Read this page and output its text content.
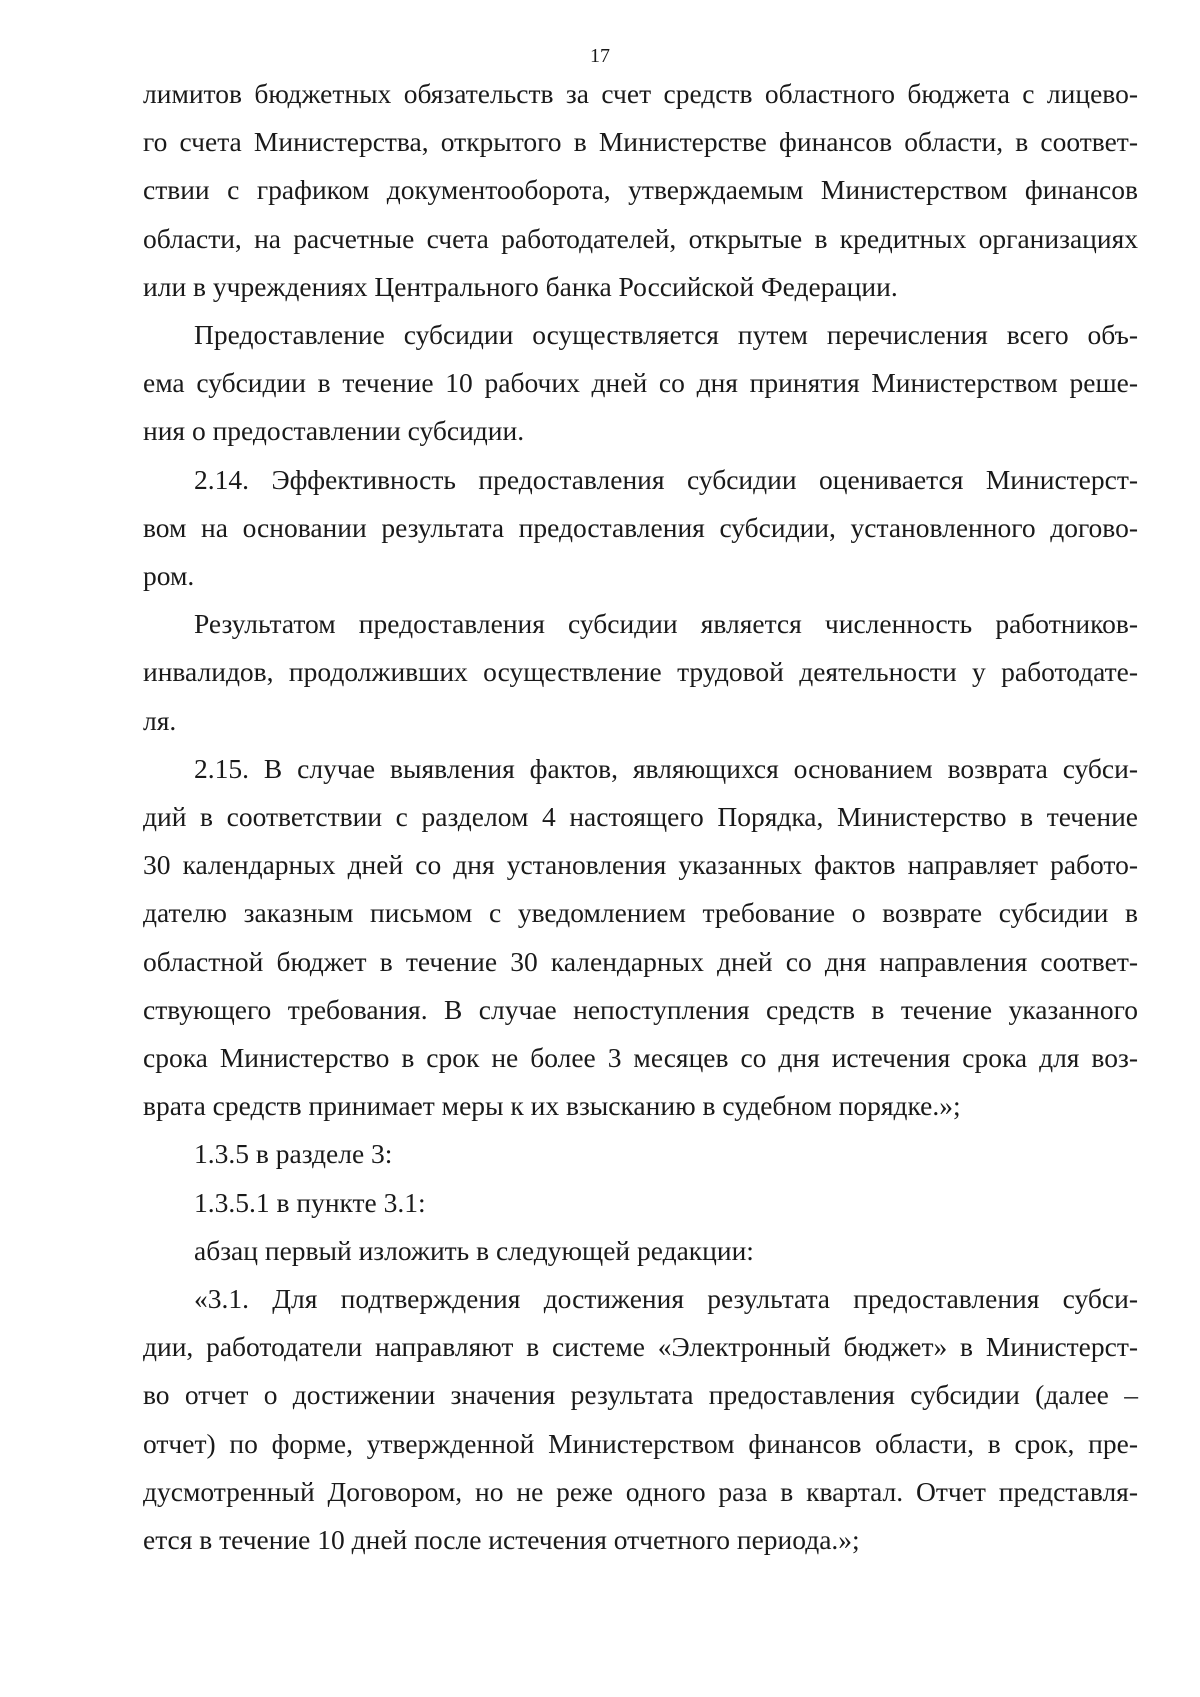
17

лимитов бюджетных обязательств за счет средств областного бюджета с лицево-
го счета Министерства, открытого в Министерстве финансов области, в соответ-
ствии с графиком документооборота, утверждаемым Министерством финансов
области, на расчетные счета работодателей, открытые в кредитных организациях
или в учреждениях Центрального банка Российской Федерации.

Предоставление субсидии осуществляется путем перечисления всего объ-
ема субсидии в течение 10 рабочих дней со дня принятия Министерством реше-
ния о предоставлении субсидии.

2.14. Эффективность предоставления субсидии оценивается Министерст-
вом на основании результата предоставления субсидии, установленного догово-
ром.

Результатом предоставления субсидии является численность работников-
инвалидов, продолживших осуществление трудовой деятельности у работодате-
ля.

2.15. В случае выявления фактов, являющихся основанием возврата субси-
дий в соответствии с разделом 4 настоящего Порядка, Министерство в течение
30 календарных дней со дня установления указанных фактов направляет работо-
дателю заказным письмом с уведомлением требование о возврате субсидии в
областной бюджет в течение 30 календарных дней со дня направления соответ-
ствующего требования. В случае непоступления средств в течение указанного
срока Министерство в срок не более 3 месяцев со дня истечения срока для воз-
врата средств принимает меры к их взысканию в судебном порядке.»;

1.3.5 в разделе 3:

1.3.5.1 в пункте 3.1:

абзац первый изложить в следующей редакции:

«3.1. Для подтверждения достижения результата предоставления субси-
дии, работодатели направляют в системе «Электронный бюджет» в Министерст-
во отчет о достижении значения результата предоставления субсидии (далее –
отчет) по форме, утвержденной Министерством финансов области, в срок, пре-
дусмотренный Договором, но не реже одного раза в квартал. Отчет представля-
ется в течение 10 дней после истечения отчетного периода.»;
